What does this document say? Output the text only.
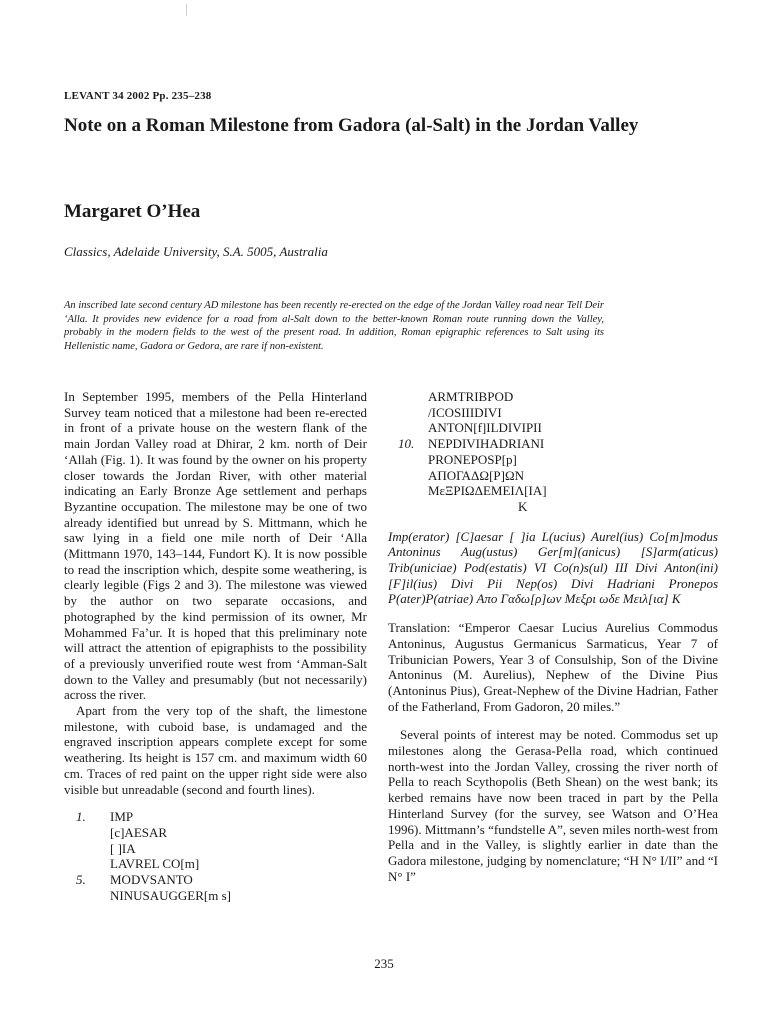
LEVANT 34 2002 Pp. 235–238
Note on a Roman Milestone from Gadora (al-Salt) in the Jordan Valley
Margaret O’Hea
Classics, Adelaide University, S.A. 5005, Australia
An inscribed late second century AD milestone has been recently re-erected on the edge of the Jordan Valley road near Tell Deir ‘Alla. It provides new evidence for a road from al-Salt down to the better-known Roman route running down the Valley, probably in the modern fields to the west of the present road. In addition, Roman epigraphic references to Salt using its Hellenistic name, Gadora or Gedora, are rare if non-existent.

In September 1995, members of the Pella Hinterland Survey team noticed that a milestone had been re-erected in front of a private house on the western flank of the main Jordan Valley road at Dhirar, 2 km. north of Deir ‘Allah (Fig. 1). It was found by the owner on his property closer towards the Jordan River, with other material indicating an Early Bronze Age settlement and perhaps Byzantine occupation. The milestone may be one of two already identified but unread by S. Mittmann, which he saw lying in a field one mile north of Deir ‘Alla (Mittmann 1970, 143–144, Fundort K). It is now possible to read the inscription which, despite some weathering, is clearly legible (Figs 2 and 3). The milestone was viewed by the author on two separate occasions, and photographed by the kind permission of its owner, Mr Mohammed Fa’ur. It is hoped that this preliminary note will attract the attention of epigraphists to the possibility of a previously unverified route west from ‘Amman-Salt down to the Valley and presumably (but not necessarily) across the river.

Apart from the very top of the shaft, the limestone milestone, with cuboid base, is undamaged and the engraved inscription appears complete except for some weathering. Its height is 157 cm. and maximum width 60 cm. Traces of red paint on the upper right side were also visible but unreadable (second and fourth lines).

1.	IMP
[c]AESAR
[ ]IA
LAVREL CO[m]
5.	MODVSANTO
NINUSAUGGER[m s]
ARMTRIBPOD
/ICOSIIIDIVI
ANTON[f]ILDIVIPII
10.	NEPDIVIHADRIANI
PRONEPOSP[p]
ΑΠΟΓΑΔΩ[Ρ]ΩΝ
ΜεΞΡΙΩΔΕΜΕΙΛ[ΙΑ]
K

Imp(erator) [C]aesar [ ]ia L(ucius) Aurel(ius) Co[m]modus Antoninus Aug(ustus) Ger[m](anicus) [S]arm(aticus) Trib(uniciae) Pod(estatis) VI Co(n)s(ul) III Divi Anton(ini) [F]il(ius) Divi Pii Nep(os) Divi Hadriani Pronepos P(ater)P(atriae) Απο Γαδω[ρ]ων Μεξρι ωδε Μειλ[ια] K

Translation: “Emperor Caesar Lucius Aurelius Commodus Antoninus, Augustus Germanicus Sarmaticus, Year 7 of Tribunician Powers, Year 3 of Consulship, Son of the Divine Antoninus (M. Aurelius), Nephew of the Divine Pius (Antoninus Pius), Great-Nephew of the Divine Hadrian, Father of the Fatherland, From Gadoron, 20 miles.”

Several points of interest may be noted. Commodus set up milestones along the Gerasa-Pella road, which continued north-west into the Jordan Valley, crossing the river north of Pella to reach Scythopolis (Beth Shean) on the west bank; its kerbed remains have now been traced in part by the Pella Hinterland Survey (for the survey, see Watson and O’Hea 1996). Mittmann’s “fundstelle A”, seven miles north-west from Pella and in the Valley, is slightly earlier in date than the Gadora milestone, judging by nomenclature; “H N° I/II” and “I N° I”

235
